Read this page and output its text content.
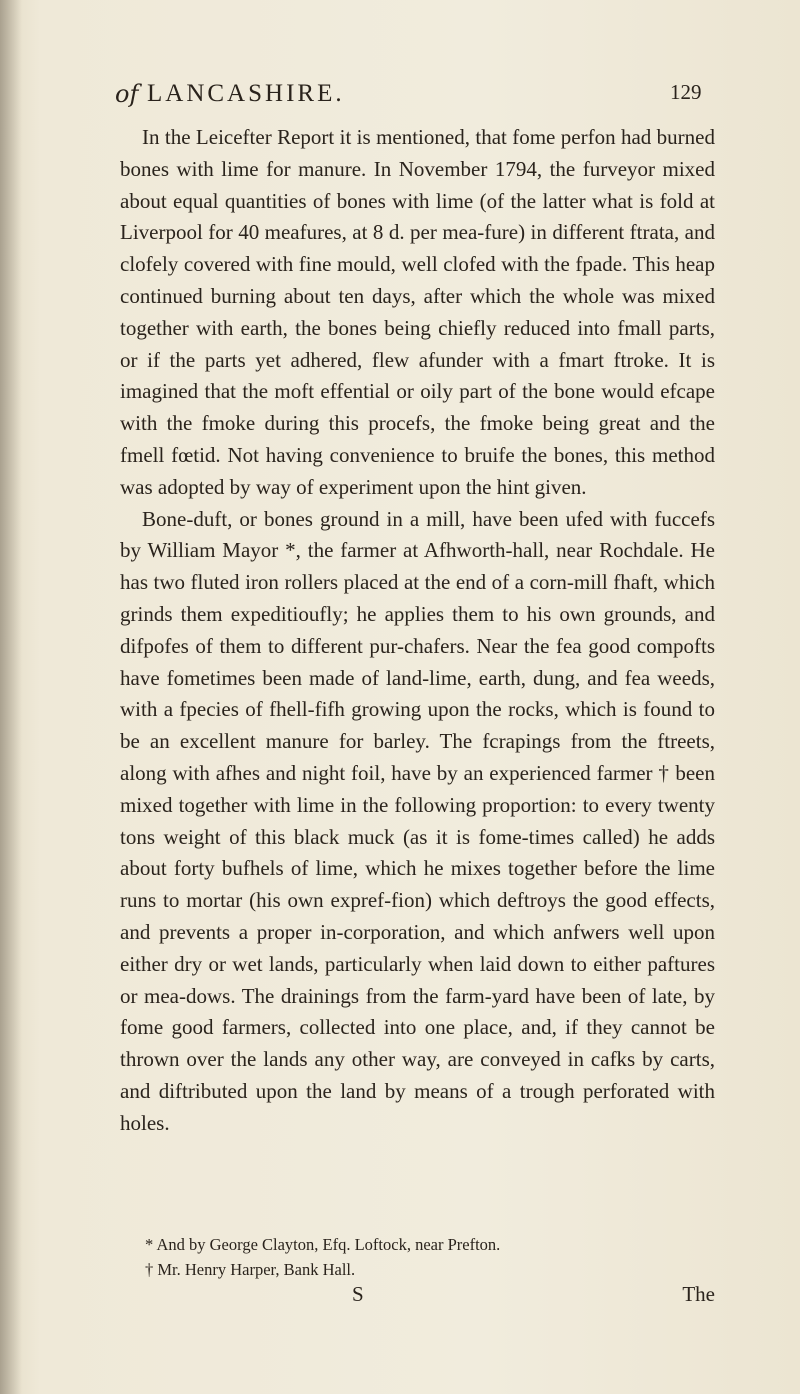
of LANCASHIRE.	129

In the Leicefter Report it is mentioned, that fome perfon had burned bones with lime for manure. In November 1794, the furveyor mixed about equal quantities of bones with lime (of the latter what is fold at Liverpool for 40 meafures, at 8 d. per mea-fure) in different ftrata, and clofely covered with fine mould, well clofed with the fpade. This heap continued burning about ten days, after which the whole was mixed together with earth, the bones being chiefly reduced into fmall parts, or if the parts yet adhered, flew afunder with a fmart ftroke. It is imagined that the moft effential or oily part of the bone would efcape with the fmoke during this procefs, the fmoke being great and the fmell fœtid. Not having convenience to bruife the bones, this method was adopted by way of experiment upon the hint given.

Bone-duft, or bones ground in a mill, have been ufed with fuccefs by William Mayor *, the farmer at Afhworth-hall, near Rochdale. He has two fluted iron rollers placed at the end of a corn-mill fhaft, which grinds them expeditioufly; he applies them to his own grounds, and difpofes of them to different pur-chafers. Near the fea good compofts have fometimes been made of land-lime, earth, dung, and fea weeds, with a fpecies of fhell-fifh growing upon the rocks, which is found to be an excellent manure for barley. The fcrapings from the ftreets, along with afhes and night foil, have by an experienced farmer † been mixed together with lime in the following proportion: to every twenty tons weight of this black muck (as it is fome-times called) he adds about forty bufhels of lime, which he mixes together before the lime runs to mortar (his own expref-fion) which deftroys the good effects, and prevents a proper in-corporation, and which anfwers well upon either dry or wet lands, particularly when laid down to either paftures or mea-dows. The drainings from the farm-yard have been of late, by fome good farmers, collected into one place, and, if they cannot be thrown over the lands any other way, are conveyed in cafks by carts, and diftributed upon the land by means of a trough perforated with holes.

* And by George Clayton, Efq. Loftock, near Prefton.

† Mr. Henry Harper, Bank Hall.

S	The
